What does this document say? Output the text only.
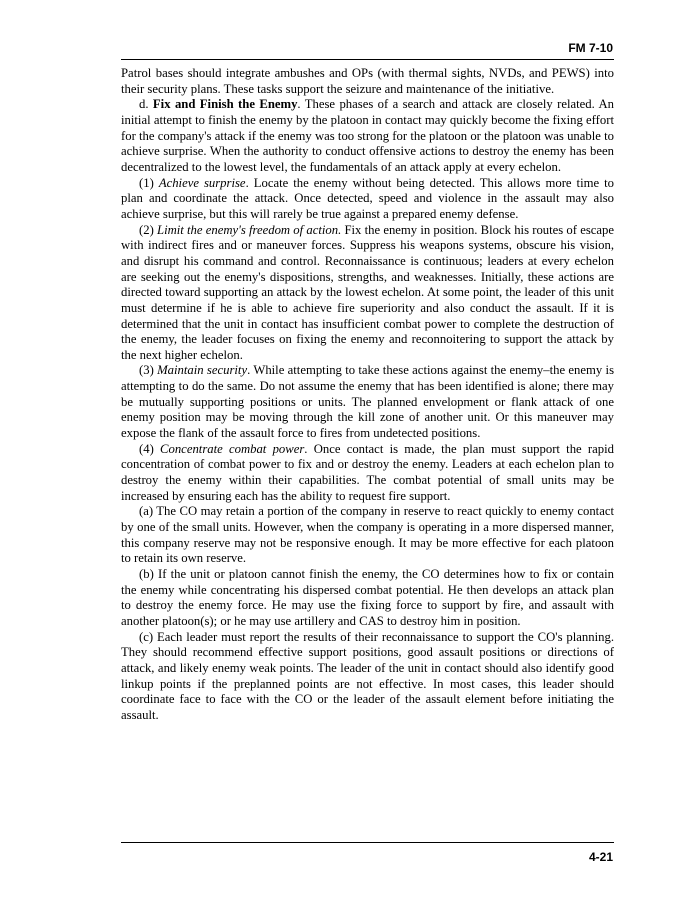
FM 7-10

Patrol bases should integrate ambushes and OPs (with thermal sights, NVDs, and PEWS) into their security plans. These tasks support the seizure and maintenance of the initiative.

d. Fix and Finish the Enemy. These phases of a search and attack are closely related. An initial attempt to finish the enemy by the platoon in contact may quickly become the fixing effort for the company's attack if the enemy was too strong for the platoon or the platoon was unable to achieve surprise. When the authority to conduct offensive actions to destroy the enemy has been decentralized to the lowest level, the fundamentals of an attack apply at every echelon.

(1) Achieve surprise. Locate the enemy without being detected. This allows more time to plan and coordinate the attack. Once detected, speed and violence in the assault may also achieve surprise, but this will rarely be true against a prepared enemy defense.

(2) Limit the enemy's freedom of action. Fix the enemy in position. Block his routes of escape with indirect fires and or maneuver forces. Suppress his weapons systems, obscure his vision, and disrupt his command and control. Reconnaissance is continuous; leaders at every echelon are seeking out the enemy's dispositions, strengths, and weaknesses. Initially, these actions are directed toward supporting an attack by the lowest echelon. At some point, the leader of this unit must determine if he is able to achieve fire superiority and also conduct the assault. If it is determined that the unit in contact has insufficient combat power to complete the destruction of the enemy, the leader focuses on fixing the enemy and reconnoitering to support the attack by the next higher echelon.

(3) Maintain security. While attempting to take these actions against the enemy–the enemy is attempting to do the same. Do not assume the enemy that has been identified is alone; there may be mutually supporting positions or units. The planned envelopment or flank attack of one enemy position may be moving through the kill zone of another unit. Or this maneuver may expose the flank of the assault force to fires from undetected positions.

(4) Concentrate combat power. Once contact is made, the plan must support the rapid concentration of combat power to fix and or destroy the enemy. Leaders at each echelon plan to destroy the enemy within their capabilities. The combat potential of small units may be increased by ensuring each has the ability to request fire support.

(a) The CO may retain a portion of the company in reserve to react quickly to enemy contact by one of the small units. However, when the company is operating in a more dispersed manner, this company reserve may not be responsive enough. It may be more effective for each platoon to retain its own reserve.

(b) If the unit or platoon cannot finish the enemy, the CO determines how to fix or contain the enemy while concentrating his dispersed combat potential. He then develops an attack plan to destroy the enemy force. He may use the fixing force to support by fire, and assault with another platoon(s); or he may use artillery and CAS to destroy him in position.

(c) Each leader must report the results of their reconnaissance to support the CO's planning. They should recommend effective support positions, good assault positions or directions of attack, and likely enemy weak points. The leader of the unit in contact should also identify good linkup points if the preplanned points are not effective. In most cases, this leader should coordinate face to face with the CO or the leader of the assault element before initiating the assault.

4-21
